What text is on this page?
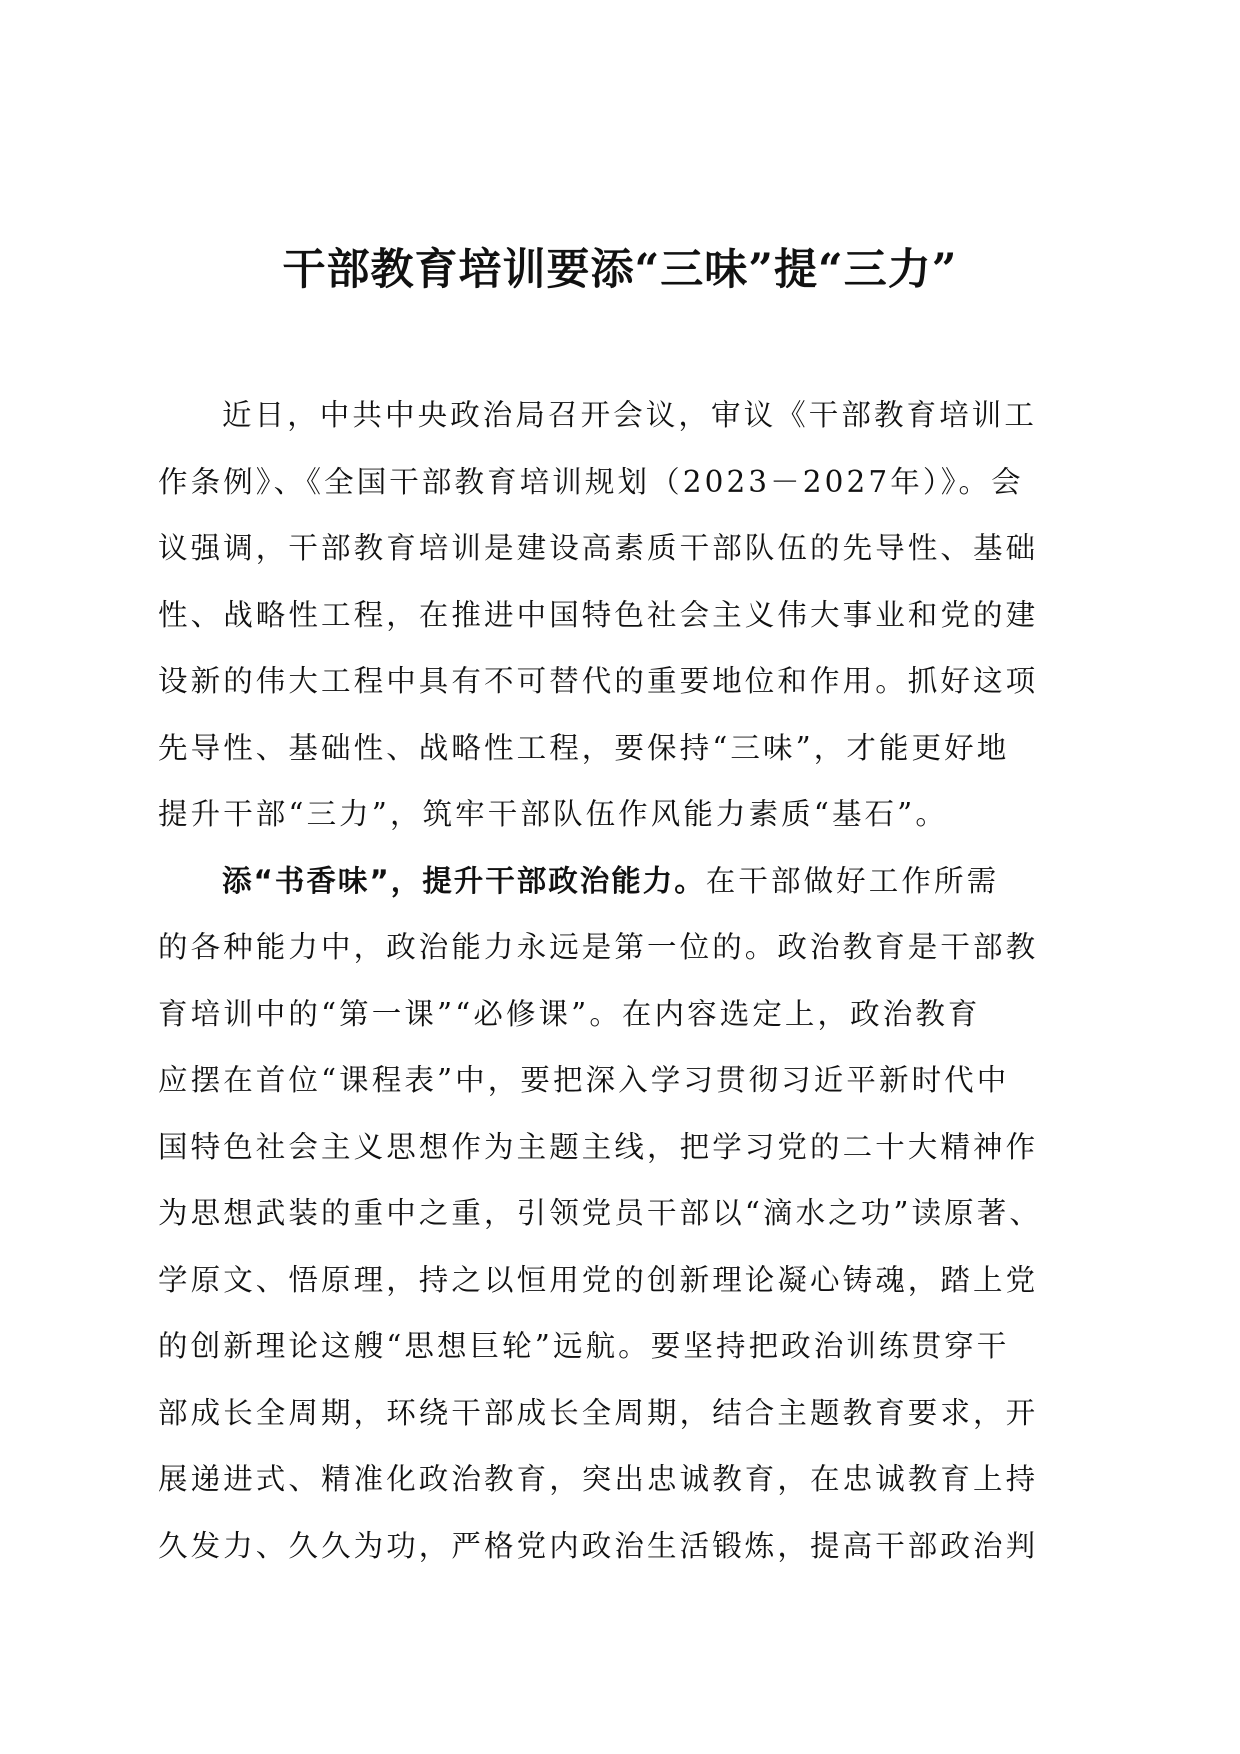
干部教育培训要添“三味”提“三力”
近日，中共中央政治局召开会议，审议《干部教育培训工
作条例》、《全国干部教育培训规划（2023－2027年）》。会
议强调，干部教育培训是建设高素质干部队伍的先导性、基础
性、战略性工程，在推进中国特色社会主义伟大事业和党的建
设新的伟大工程中具有不可替代的重要地位和作用。抓好这项
先导性、基础性、战略性工程，要保持“三味”，才能更好地
提升干部“三力”，筑牢干部队伍作风能力素质“基石”。
添“书香味”，提升干部政治能力。在干部做好工作所需
的各种能力中，政治能力永远是第一位的。政治教育是干部教
育培训中的“第一课”“必修课”。在内容选定上，政治教育
应摆在首位“课程表”中，要把深入学习贯彻习近平新时代中
国特色社会主义思想作为主题主线，把学习党的二十大精神作
为思想武装的重中之重，引领党员干部以“滴水之功”读原著、
学原文、悟原理，持之以恒用党的创新理论凝心铸魂，踏上党
的创新理论这艘“思想巨轮”远航。要坚持把政治训练贯穿干
部成长全周期，环绕干部成长全周期，结合主题教育要求，开
展递进式、精准化政治教育，突出忠诚教育，在忠诚教育上持
久发力、久久为功，严格党内政治生活锻炼，提高干部政治判
